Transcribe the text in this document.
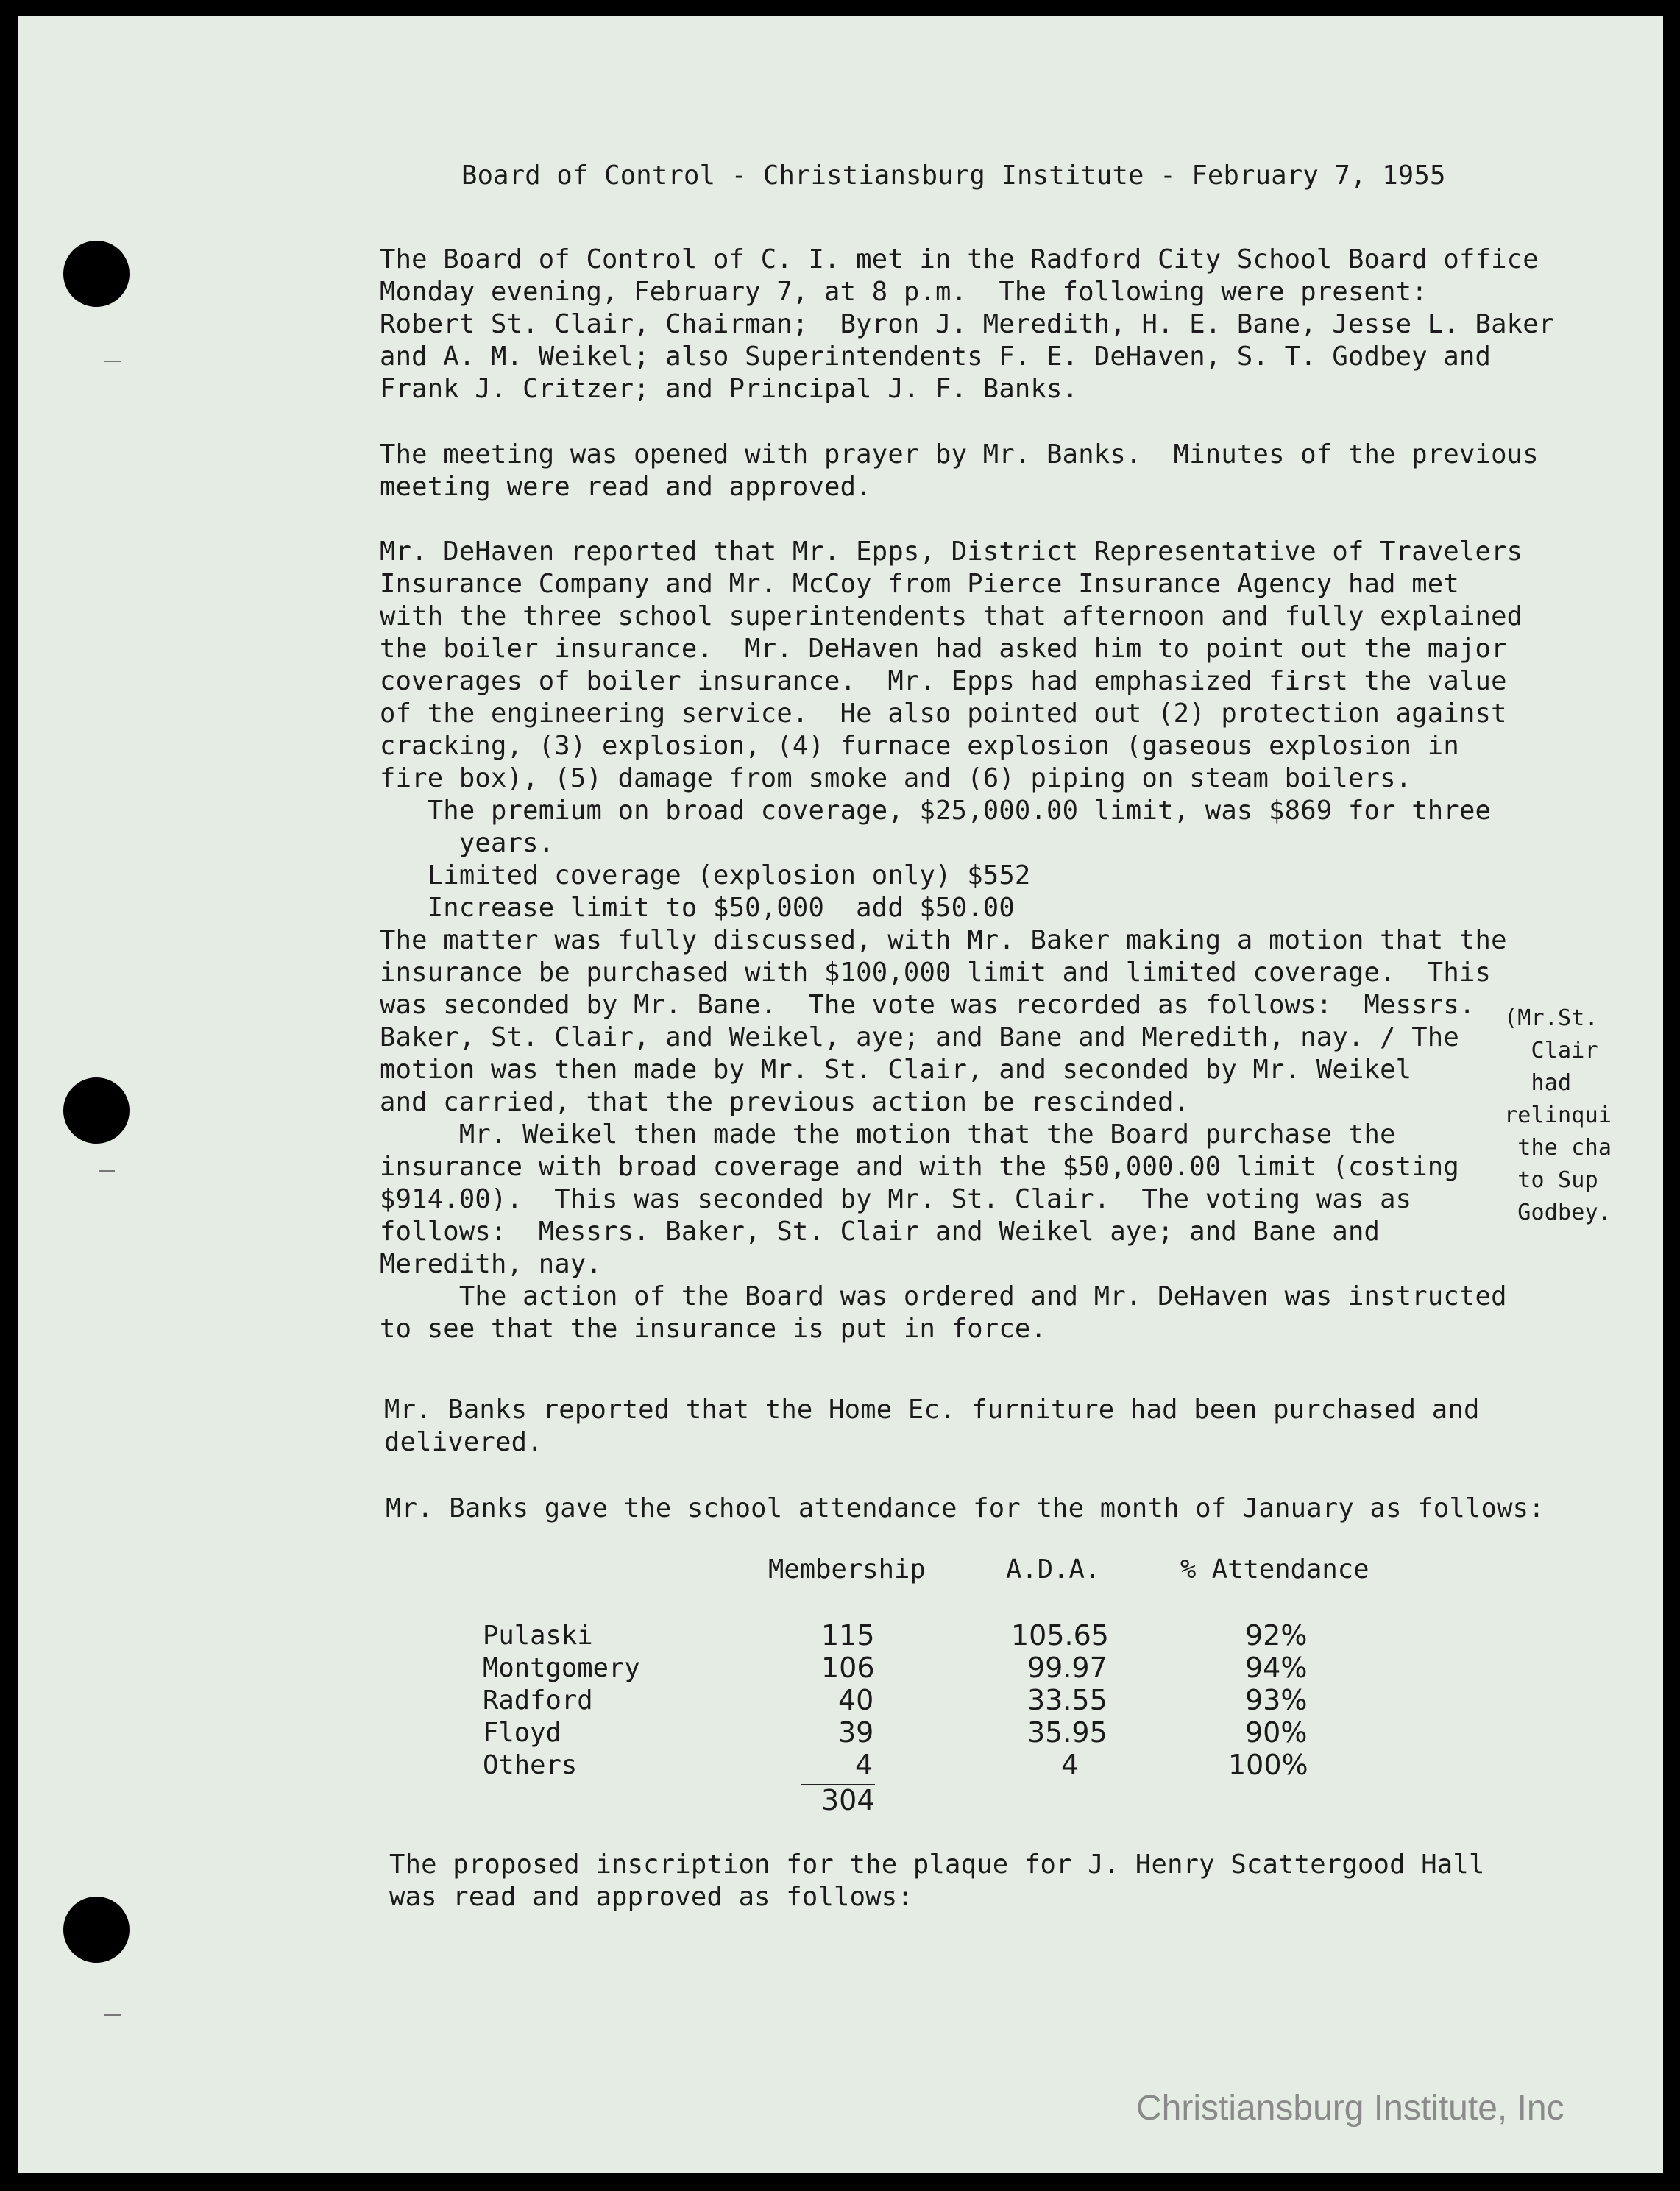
Board of Control - Christiansburg Institute - February 7, 1955
The Board of Control of C. I. met in the Radford City School Board office
Monday evening, February 7, at 8 p.m.  The following were present:
Robert St. Clair, Chairman;  Byron J. Meredith, H. E. Bane, Jesse L. Baker
and A. M. Weikel; also Superintendents F. E. DeHaven, S. T. Godbey and
Frank J. Critzer; and Principal J. F. Banks.
The meeting was opened with prayer by Mr. Banks.  Minutes of the previous
meeting were read and approved.
Mr. DeHaven reported that Mr. Epps, District Representative of Travelers
Insurance Company and Mr. McCoy from Pierce Insurance Agency had met
with the three school superintendents that afternoon and fully explained
the boiler insurance.  Mr. DeHaven had asked him to point out the major
coverages of boiler insurance.  Mr. Epps had emphasized first the value
of the engineering service.  He also pointed out (2) protection against
cracking, (3) explosion, (4) furnace explosion (gaseous explosion in
fire box), (5) damage from smoke and (6) piping on steam boilers.
The premium on broad coverage, $25,000.00 limit, was $869 for three
years.
Limited coverage (explosion only) $552
Increase limit to $50,000  add $50.00
The matter was fully discussed, with Mr. Baker making a motion that the
insurance be purchased with $100,000 limit and limited coverage.  This
was seconded by Mr. Bane.  The vote was recorded as follows:  Messrs.
Baker, St. Clair, and Weikel, aye; and Bane and Meredith, nay. / The
motion was then made by Mr. St. Clair, and seconded by Mr. Weikel
and carried, that the previous action be rescinded.
Mr. Weikel then made the motion that the Board purchase the
insurance with broad coverage and with the $50,000.00 limit (costing
$914.00).  This was seconded by Mr. St. Clair.  The voting was as
follows:  Messrs. Baker, St. Clair and Weikel aye; and Bane and
Meredith, nay.
The action of the Board was ordered and Mr. DeHaven was instructed
to see that the insurance is put in force.
(Mr.St.
Clair
had
relinqui
the cha
to Sup
Godbey.
Mr. Banks reported that the Home Ec. furniture had been purchased and
delivered.
Mr. Banks gave the school attendance for the month of January as follows:
Membership	A.D.A.	% Attendance
Pulaski
Montgomery
Radford
Floyd
Others
115
106
40
39
4
304
105.65
99.97
33.55
35.95
4
92%
94%
93%
90%
100%
The proposed inscription for the plaque for J. Henry Scattergood Hall
was read and approved as follows:
Christiansburg Institute, Inc
